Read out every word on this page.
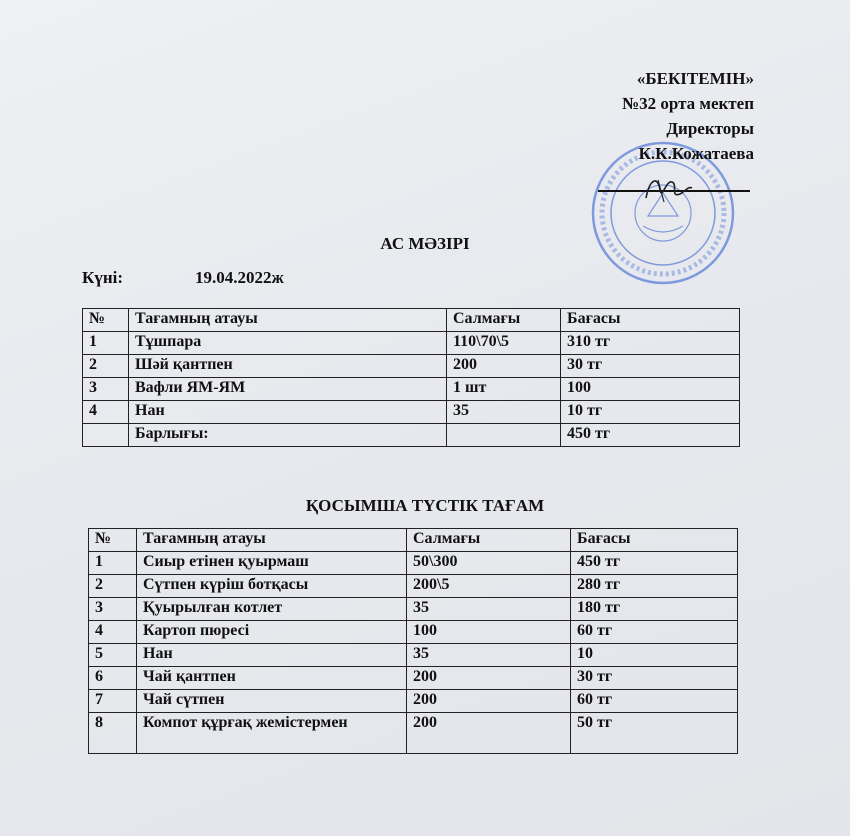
«БЕКІТЕМІН»
№32 орта мектеп
Директоры
К.К.Кожатаева
АС МӘЗІРІ
Күні:	19.04.2022ж
№	Тағамның атауы	Салмағы	Бағасы
1	Тұшпара	110\70\5	310 тг
2	Шәй қантпен	200	30 тг
3	Вафли ЯМ-ЯМ	1 шт	100
4	Нан	35	10 тг
	Барлығы:		450 тг
ҚОСЫМША ТҮСТІК ТАҒАМ
№	Тағамның атауы	Салмағы	Бағасы
1	Сиыр етінен қуырмаш	50\300	450 тг
2	Сүтпен күріш ботқасы	200\5	280 тг
3	Қуырылған котлет	35	180 тг
4	Картоп пюресі	100	60 тг
5	Нан	35	10
6	Чай қантпен	200	30 тг
7	Чай сүтпен	200	60 тг
8	Компот құрғақ жемістермен	200	50 тг
